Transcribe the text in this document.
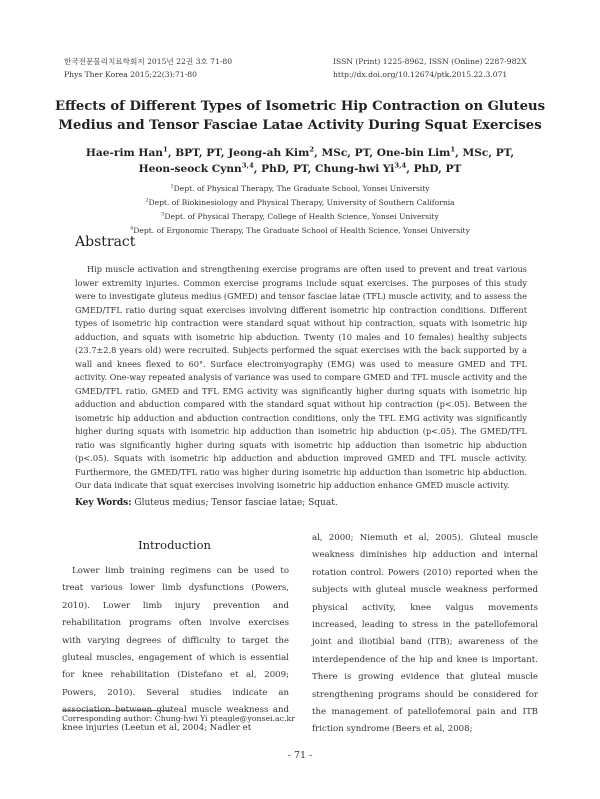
한국전문물리치료학회지 2015년 22권 3호 71-80
Phys Ther Korea 2015;22(3):71-80
ISSN (Print) 1225-8962, ISSN (Online) 2287-982X
http://dx.doi.org/10.12674/ptk.2015.22.3.071
Effects of Different Types of Isometric Hip Contraction on Gluteus
Medius and Tensor Fasciae Latae Activity During Squat Exercises
Hae-rim Han$^1$, BPT, PT, Jeong-ah Kim$^2$, MSc, PT, One-bin Lim$^1$, MSc, PT,
Heon-seock Cynn$^{3,4}$, PhD, PT, Chung-hwi Yi$^{3,4}$, PhD, PT
$^1$Dept. of Physical Therapy, The Graduate School, Yonsei University
$^2$Dept. of Biokinesiology and Physical Therapy, University of Southern California
$^3$Dept. of Physical Therapy, College of Health Science, Yonsei University
$^4$Dept. of Ergonomic Therapy, The Graduate School of Health Science, Yonsei University
Abstract
Hip muscle activation and strengthening exercise programs are often used to prevent and treat various lower extremity injuries. Common exercise programs include squat exercises. The purposes of this study were to investigate gluteus medius (GMED) and tensor fasciae latae (TFL) muscle activity, and to assess the GMED/TFL ratio during squat exercises involving different isometric hip contraction conditions. Different types of isometric hip contraction were standard squat without hip contraction, squats with isometric hip adduction, and squats with isometric hip abduction. Twenty (10 males and 10 females) healthy subjects (23.7±2.8 years old) were recruited. Subjects performed the squat exercises with the back supported by a wall and knees flexed to 60°. Surface electromyography (EMG) was used to measure GMED and TFL activity. One-way repeated analysis of variance was used to compare GMED and TFL muscle activity and the GMED/TFL ratio. GMED and TFL EMG activity was significantly higher during squats with isometric hip adduction and abduction compared with the standard squat without hip contraction (p<.05). Between the isometric hip adduction and abduction contraction conditions, only the TFL EMG activity was significantly higher during squats with isometric hip adduction than isometric hip abduction (p<.05). The GMED/TFL ratio was significantly higher during squats with isometric hip adduction than isometric hip abduction (p<.05). Squats with isometric hip adduction and abduction improved GMED and TFL muscle activity. Furthermore, the GMED/TFL ratio was higher during isometric hip adduction than isometric hip abduction. Our data indicate that squat exercises involving isometric hip adduction enhance GMED muscle activity.
Key Words: Gluteus medius; Tensor fasciae latae; Squat.
Introduction
Lower limb training regimens can be used to treat various lower limb dysfunctions (Powers, 2010). Lower limb injury prevention and rehabilitation programs often involve exercises with varying degrees of difficulty to target the gluteal muscles, engagement of which is essential for knee rehabilitation (Distefano et al, 2009; Powers, 2010). Several studies indicate an association between gluteal muscle weakness and knee injuries (Leetun et al, 2004; Nadler et
al, 2000; Niemuth et al, 2005). Gluteal muscle weakness diminishes hip adduction and internal rotation control. Powers (2010) reported when the subjects with gluteal muscle weakness performed physical activity, knee valgus movements increased, leading to stress in the patellofemoral joint and iliotibial band (ITB); awareness of the interdependence of the hip and knee is important. There is growing evidence that gluteal muscle strengthening programs should be considered for the management of patellofemoral pain and ITB friction syndrome (Beers et al, 2008;
Corresponding author: Chung-hwi Yi pteagle@yonsei.ac.kr
- 71 -
